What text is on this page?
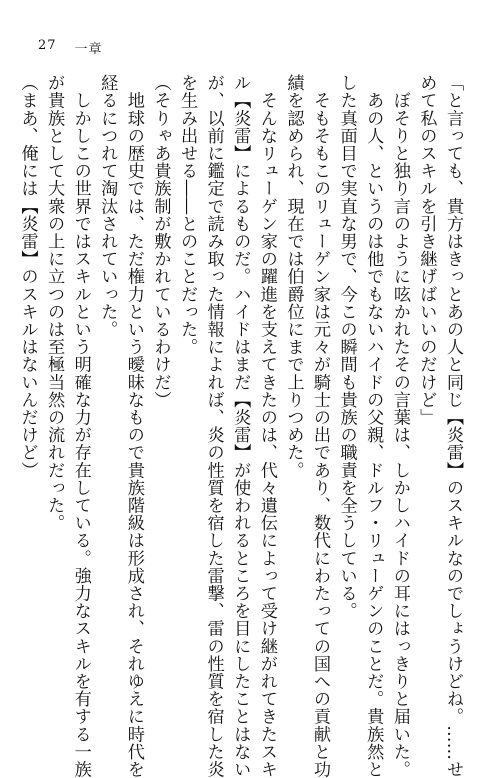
27 一章

「と言っても、貴方はきっとあの人と同じ【炎雷】のスキルなのでしょうけどね。……せ

めて私のスキルを引き継げばいいのだけど」

　ぼそりと独り言のように呟かれたその言葉は、しかしハイドの耳にはっきりと届いた。

　あの人、というのは他でもないハイドの父親、ドルフ・リューゲンのことだ。貴族然と

した真面目で実直な男で、今この瞬間も貴族の職責を全うしている。

　そもそもこのリューゲン家は元々が騎士の出であり、数代にわたっての国への貢献と功

績を認められ、現在では伯爵位にまで上りつめた。

　そんなリューゲン家の躍進を支えてきたのは、代々遺伝によって受け継がれてきたスキ

ル【炎雷】によるものだ。ハイドはまだ【炎雷】が使われるところを目にしたことはない

が、以前に鑑定で読み取った情報によれば、炎の性質を宿した雷撃、雷の性質を宿した炎

を生み出せる――とのことだった。

（そりゃあ貴族制が敷かれているわけだ）

　地球の歴史では、ただ権力という曖昧なもので貴族階級は形成され、それゆえに時代を

経るにつれて淘汰されていった。

　しかしこの世界ではスキルという明確な力が存在している。強力なスキルを有する一族

が貴族として大衆の上に立つのは至極当然の流れだった。

（まあ、俺には【炎雷】のスキルはないんだけど）
